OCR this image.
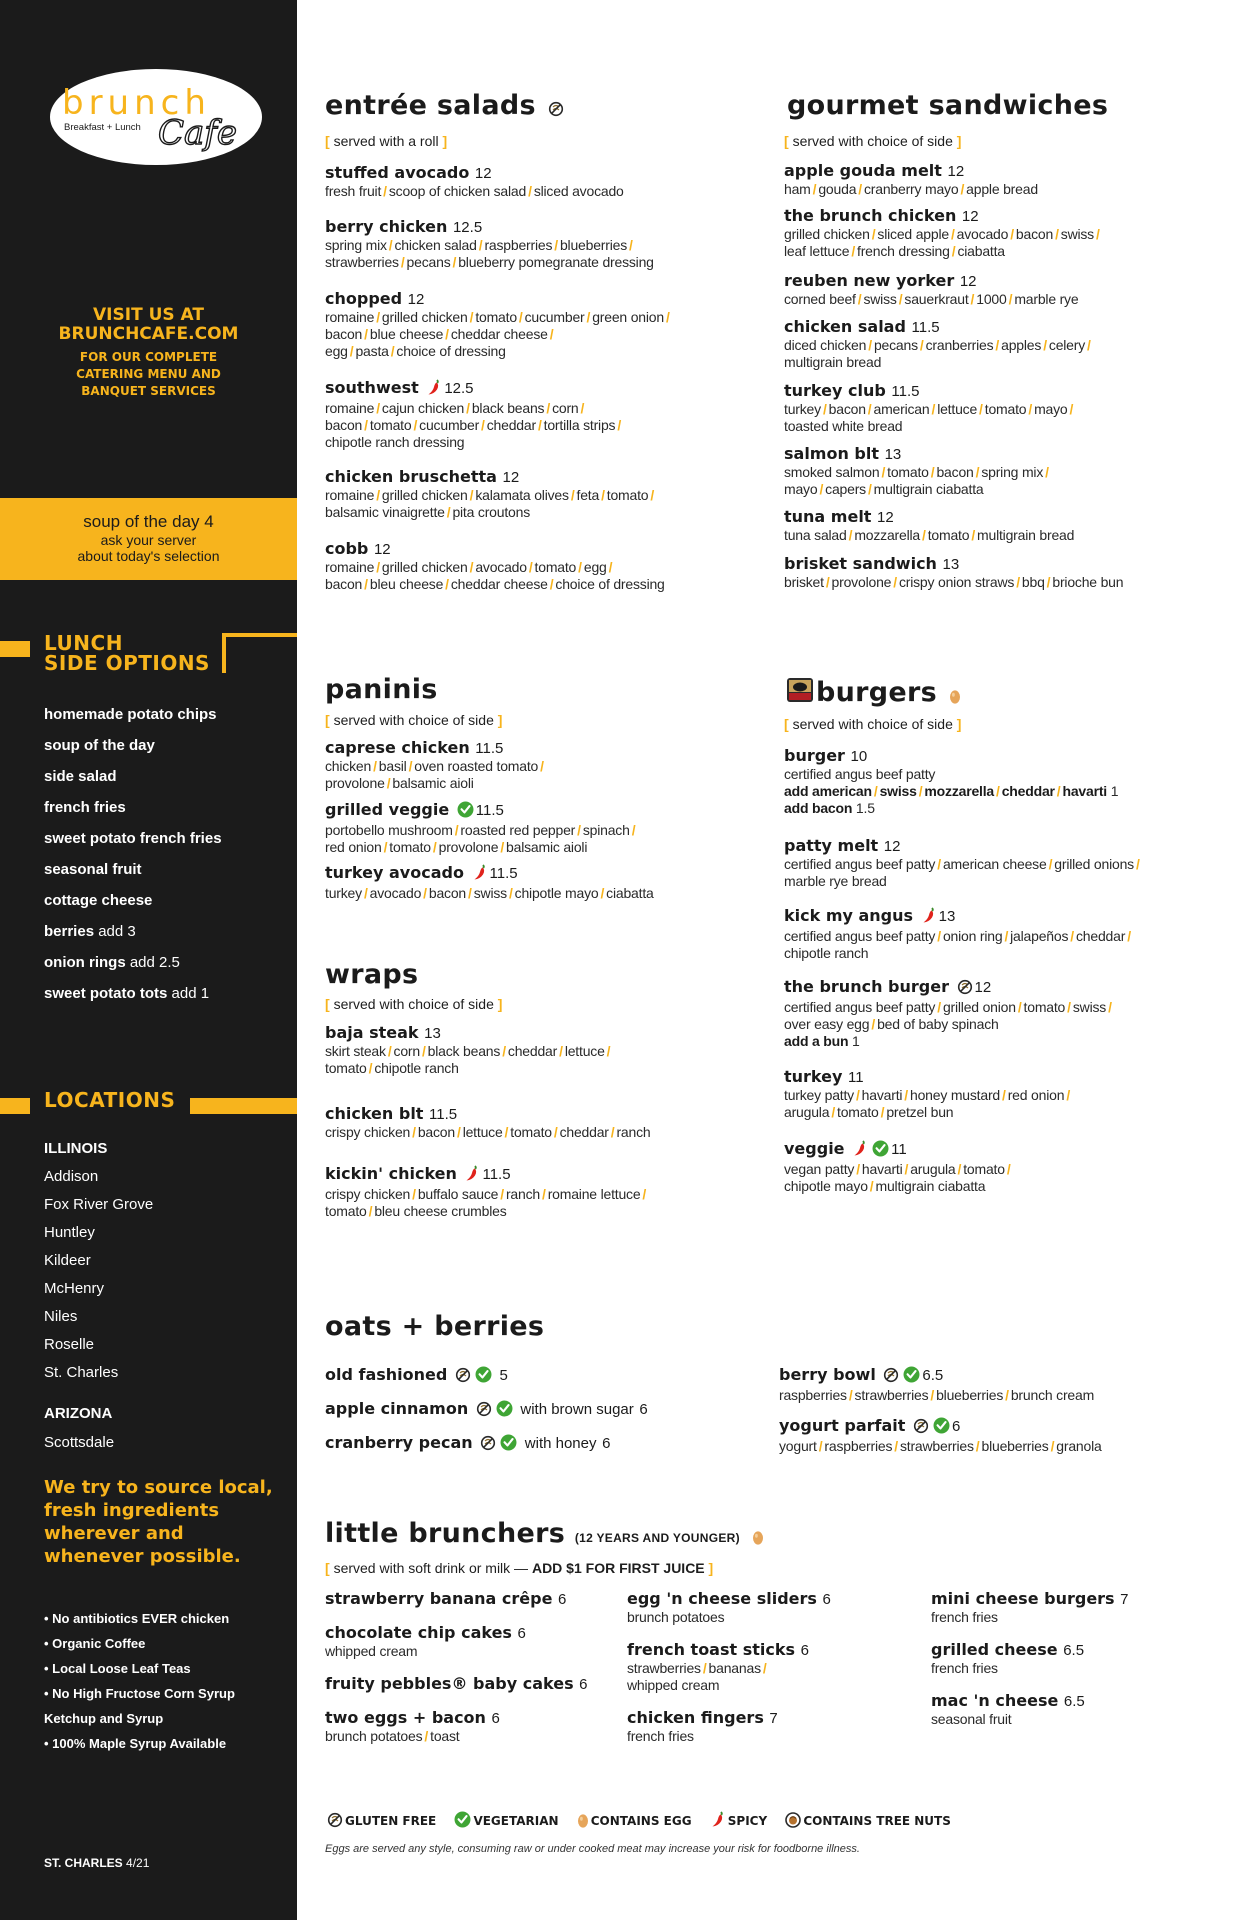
brunch
Breakfast + Lunch Cafe
VISIT US AT
BRUNCHCAFE.COM
FOR OUR COMPLETE
CATERING MENU AND
BANQUET SERVICES
soup of the day 4
ask your server
about today's selection
LUNCH
SIDE OPTIONS
homemade potato chips
soup of the day
side salad
french fries
sweet potato french fries
seasonal fruit
cottage cheese
berries add 3
onion rings add 2.5
sweet potato tots add 1
LOCATIONS
ILLINOIS
Addison
Fox River Grove
Huntley
Kildeer
McHenry
Niles
Roselle
St. Charles
ARIZONA
Scottsdale
We try to source local, fresh ingredients wherever and whenever possible.
• No antibiotics EVER chicken
• Organic Coffee
• Local Loose Leaf Teas
• No High Fructose Corn Syrup
Ketchup and Syrup
• 100% Maple Syrup Available
ST. CHARLES 4/21
entrée salads
[ served with a roll ]
stuffed avocado 12
fresh fruit / scoop of chicken salad / sliced avocado
berry chicken 12.5
spring mix / chicken salad / raspberries / blueberries /
strawberries / pecans / blueberry pomegranate dressing
chopped 12
romaine / grilled chicken / tomato / cucumber / green onion /
bacon / blue cheese / cheddar cheese /
egg / pasta / choice of dressing
southwest 12.5
romaine / cajun chicken / black beans / corn /
bacon / tomato / cucumber / cheddar / tortilla strips /
chipotle ranch dressing
chicken bruschetta 12
romaine / grilled chicken / kalamata olives / feta / tomato /
balsamic vinaigrette / pita croutons
cobb 12
romaine / grilled chicken / avocado / tomato / egg /
bacon / bleu cheese / cheddar cheese / choice of dressing
gourmet sandwiches
[ served with choice of side ]
apple gouda melt 12
ham / gouda / cranberry mayo / apple bread
the brunch chicken 12
grilled chicken / sliced apple / avocado / bacon / swiss /
leaf lettuce / french dressing / ciabatta
reuben new yorker 12
corned beef / swiss / sauerkraut / 1000 / marble rye
chicken salad 11.5
diced chicken / pecans / cranberries / apples / celery /
multigrain bread
turkey club 11.5
turkey / bacon / american / lettuce / tomato / mayo /
toasted white bread
salmon blt 13
smoked salmon / tomato / bacon / spring mix /
mayo / capers / multigrain ciabatta
tuna melt 12
tuna salad / mozzarella / tomato / multigrain bread
brisket sandwich 13
brisket / provolone / crispy onion straws / bbq / brioche bun
paninis
[ served with choice of side ]
caprese chicken 11.5
chicken / basil / oven roasted tomato /
provolone / balsamic aioli
grilled veggie 11.5
portobello mushroom / roasted red pepper / spinach /
red onion / tomato / provolone / balsamic aioli
turkey avocado 11.5
turkey / avocado / bacon / swiss / chipotle mayo / ciabatta
wraps
[ served with choice of side ]
baja steak 13
skirt steak / corn / black beans / cheddar / lettuce /
tomato / chipotle ranch
chicken blt 11.5
crispy chicken / bacon / lettuce / tomato / cheddar / ranch
kickin' chicken 11.5
crispy chicken / buffalo sauce / ranch / romaine lettuce /
tomato / bleu cheese crumbles
burgers
[ served with choice of side ]
burger 10
certified angus beef patty
add american / swiss / mozzarella / cheddar / havarti 1
add bacon 1.5
patty melt 12
certified angus beef patty / american cheese / grilled onions /
marble rye bread
kick my angus 13
certified angus beef patty / onion ring / jalapeños / cheddar /
chipotle ranch
the brunch burger 12
certified angus beef patty / grilled onion / tomato / swiss /
over easy egg / bed of baby spinach
add a bun 1
turkey 11
turkey patty / havarti / honey mustard / red onion /
arugula / tomato / pretzel bun
veggie	11
vegan patty / havarti / arugula / tomato /
chipotle mayo / multigrain ciabatta
oats + berries
old fashioned	5
apple cinnamon	with brown sugar 6
cranberry pecan	with honey 6
berry bowl	6.5
raspberries / strawberries / blueberries / brunch cream
yogurt parfait	6
yogurt / raspberries / strawberries / blueberries / granola
little brunchers (12 YEARS AND YOUNGER)
[ served with soft drink or milk — ADD $1 FOR FIRST JUICE ]
strawberry banana crêpe 6
chocolate chip cakes 6
whipped cream
fruity pebbles® baby cakes 6
two eggs + bacon 6
brunch potatoes / toast
egg 'n cheese sliders 6
brunch potatoes
french toast sticks 6
strawberries / bananas /
whipped cream
chicken fingers 7
french fries
mini cheese burgers 7
french fries
grilled cheese 6.5
french fries
mac 'n cheese 6.5
seasonal fruit
GLUTEN FREE	VEGETARIAN	CONTAINS EGG	SPICY	CONTAINS TREE NUTS
Eggs are served any style, consuming raw or under cooked meat may increase your risk for foodborne illness.
